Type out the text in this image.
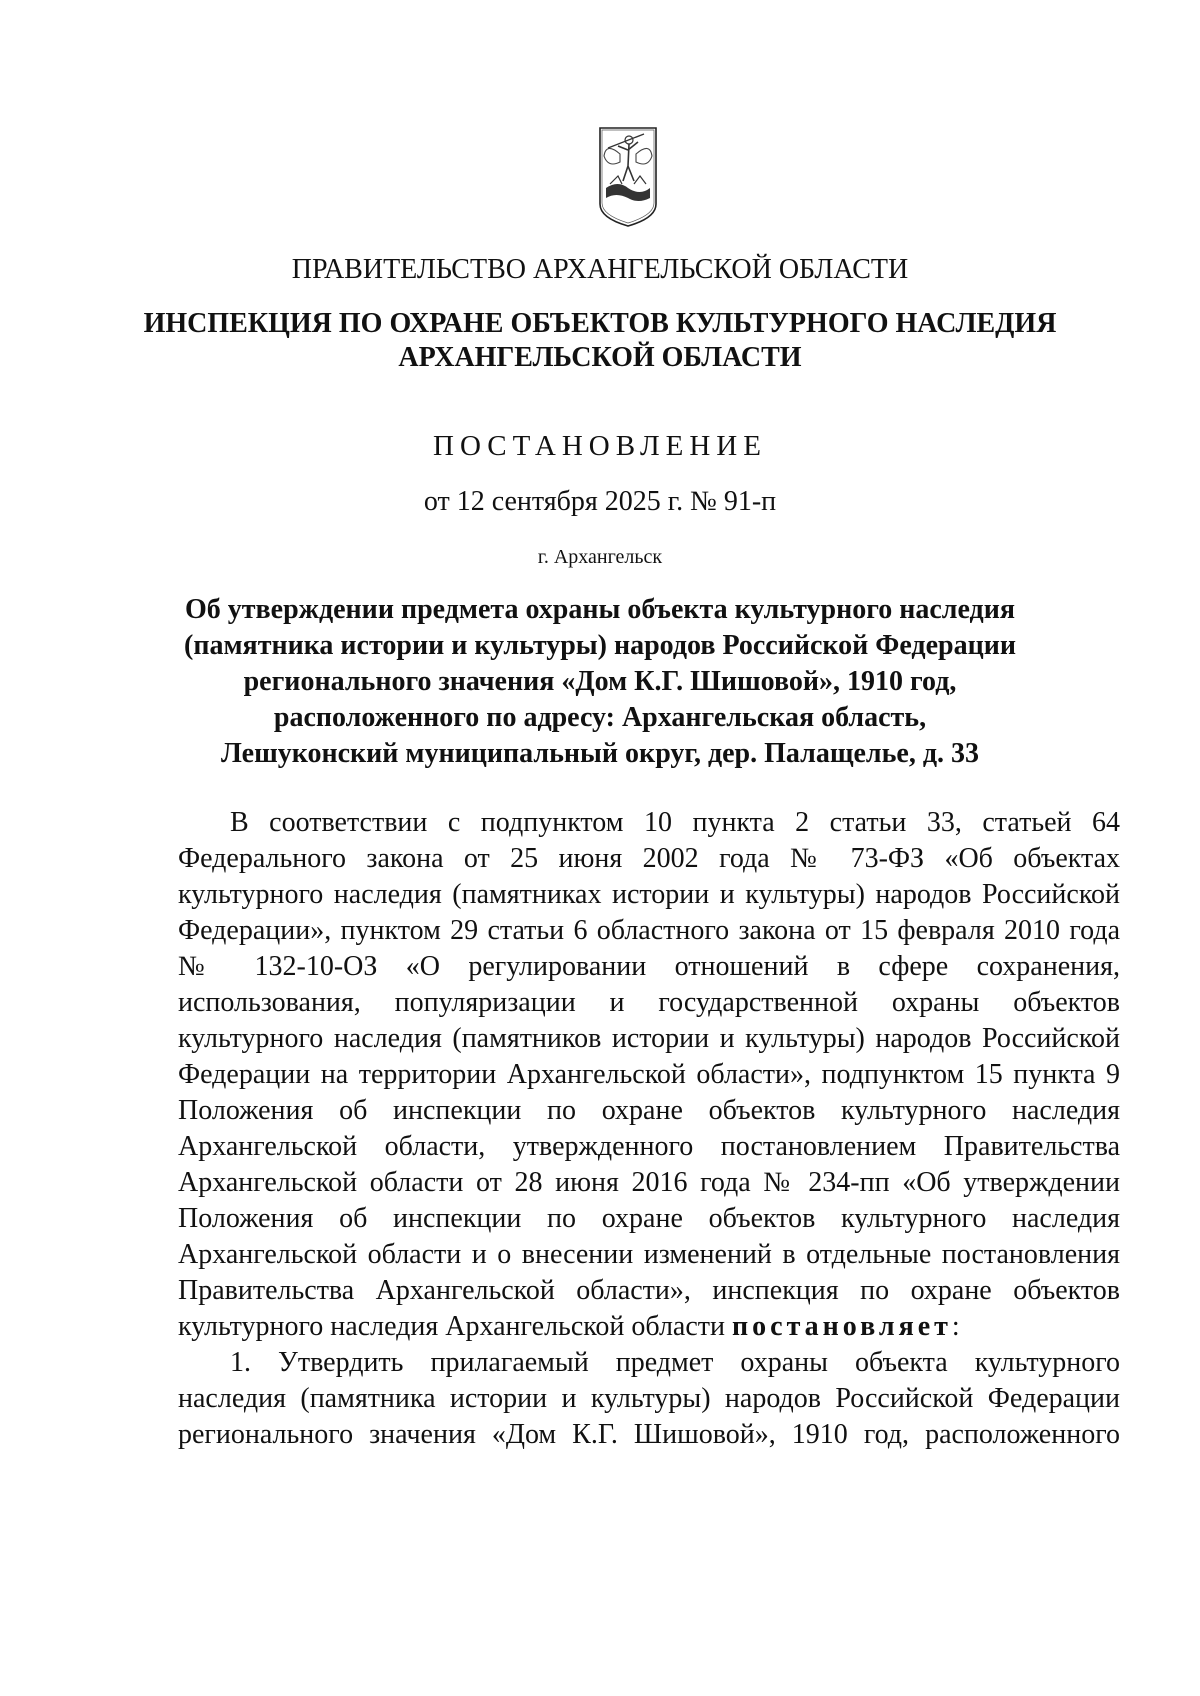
ПРАВИТЕЛЬСТВО АРХАНГЕЛЬСКОЙ ОБЛАСТИ
ИНСПЕКЦИЯ ПО ОХРАНЕ ОБЪЕКТОВ КУЛЬТУРНОГО НАСЛЕДИЯ
АРХАНГЕЛЬСКОЙ ОБЛАСТИ
ПОСТАНОВЛЕНИЕ
от 12 сентября 2025 г. № 91-п
г. Архангельск
Об утверждении предмета охраны объекта культурного наследия
(памятника истории и культуры) народов Российской Федерации
регионального значения «Дом К.Г. Шишовой», 1910 год,
расположенного по адресу: Архангельская область,
Лешуконский муниципальный округ, дер. Палащелье, д. 33
В соответствии с подпунктом 10 пункта 2 статьи 33, статьей 64
Федерального закона от 25 июня 2002 года № 73-ФЗ «Об объектах
культурного наследия (памятниках истории и культуры) народов Российской
Федерации», пунктом 29 статьи 6 областного закона от 15 февраля 2010 года
№ 132-10-ОЗ «О регулировании отношений в сфере сохранения,
использования, популяризации и государственной охраны объектов
культурного наследия (памятников истории и культуры) народов Российской
Федерации на территории Архангельской области», подпунктом 15 пункта 9
Положения об инспекции по охране объектов культурного наследия
Архангельской области, утвержденного постановлением Правительства
Архангельской области от 28 июня 2016 года № 234-пп «Об утверждении
Положения об инспекции по охране объектов культурного наследия
Архангельской области и о внесении изменений в отдельные постановления
Правительства Архангельской области», инспекция по охране объектов
культурного наследия Архангельской области постановляет:
1. Утвердить прилагаемый предмет охраны объекта культурного
наследия (памятника истории и культуры) народов Российской Федерации
регионального значения «Дом К.Г. Шишовой», 1910 год, расположенного
